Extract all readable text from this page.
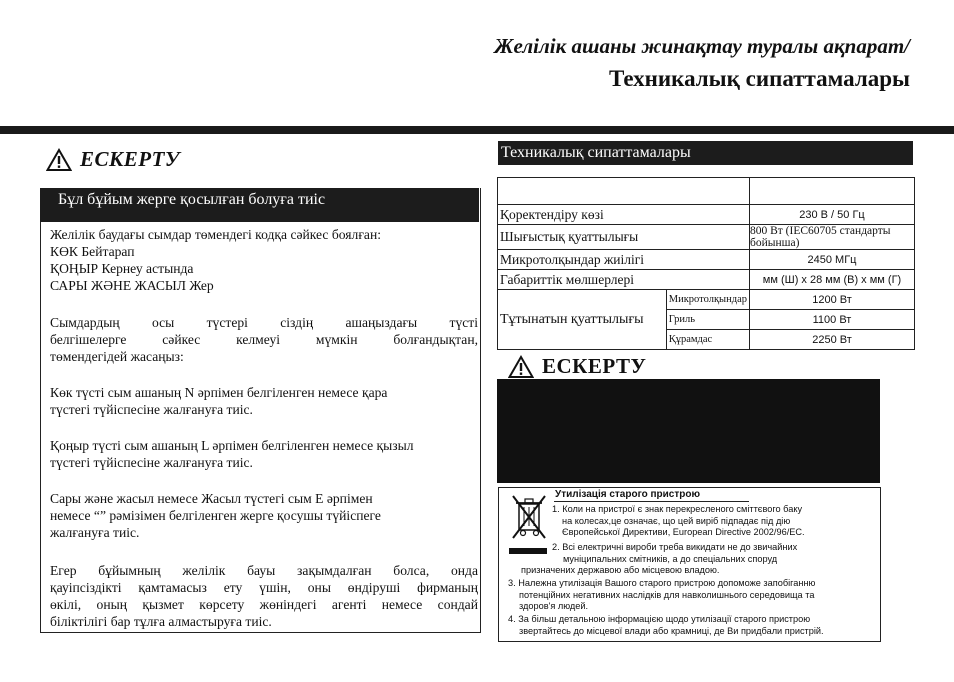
Желілік ашаны жинақтау туралы ақпарат/
Техникалық сипаттамалары
ЕСКЕРТУ
Бұл бұйым жерге қосылған болуға тиіс

Желілік баудағы сымдар төмендегі кодқа сәйкес боялған:

КӨК Бейтарап

ҚОҢЫР Кернеу астында

САРЫ ЖӘНЕ ЖАСЫЛ Жер

Сымдардың осы түстері сіздің ашаңыздағы түсті

белгішелерге сәйкес келмеуі мүмкін болғандықтан,

төмендегідей жасаңыз:

Көк түсті сым ашаның N әрпімен белгіленген немесе қара

түстегі түйіспесіне жалғануға тиіс.

Қоңыр түсті сым ашаның L әрпімен белгіленген немесе қызыл

түстегі түйіспесіне жалғануға тиіс.

Сары және жасыл немесе Жасыл түстегі сым E әрпімен

немесе “” рәмізімен белгіленген жерге қосушы түйіспеге

жалғануға тиіс.

Егер бұйымның желілік бауы зақымдалған болса, онда

қауіпсіздікті қамтамасыз ету үшін, оны өндіруші фирманың

өкілі, оның қызмет көрсету жөніндегі агенті немесе сондай

біліктілігі бар тұлға алмастыруға тиіс.

Техникалық сипаттамалары

Қоректендіру көзі		230 В / 50 Гц
Шығыстық қуаттылығы		800 Вт (IEC60705 стандарты бойынша)
Микротолқындар жиілігі		2450 МГц
Габариттік мөлшерлері		мм (Ш) x 28 мм (В) x мм (Г)
Тұтынатын қуаттылығы	Микротолқындар	1200 Вт
	Гриль	1100 Вт
	Құрамдас	2250 Вт
ЕСКЕРТУ
Утилізація старого пристрою
1. Коли на пристрої є знак перекресленого сміттєвого баку
на колесах,це означає, що цей виріб підпадає під дію
Європейської Директиви, European Directive 2002/96/EC.
2. Всі електричні вироби треба викидати не до звичайних
муніципальних смітників, а до спеціальних споруд
призначених державою або місцевою владою.
3. Належна утилізація Вашого старого пристрою допоможе запобіганню
потенційних негативних наслідків для навколишнього середовища та
здоров'я людей.
4. За більш детальною інформацією щодо утилізації старого пристрою
звертайтесь до місцевої влади або крамниці, де Ви придбали пристрій.
